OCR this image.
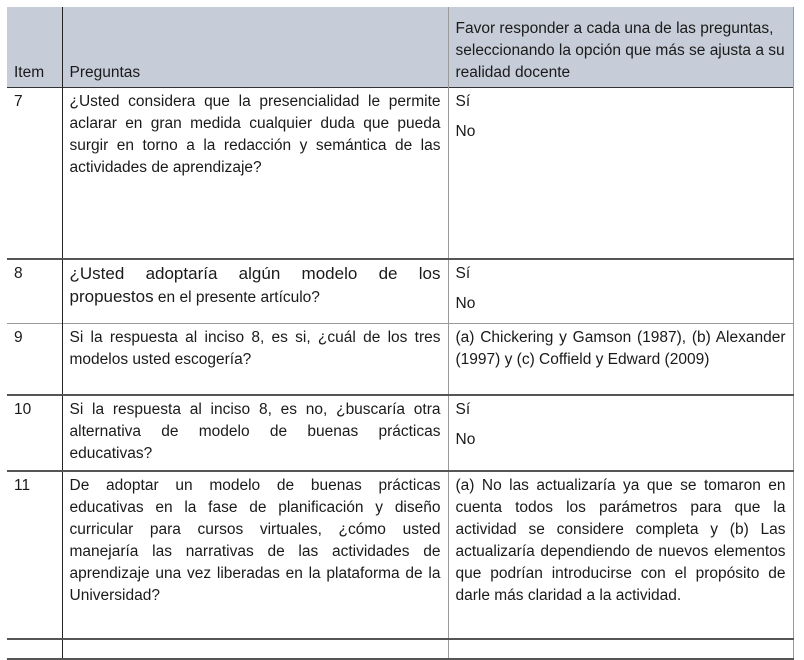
Item	Preguntas	Favor responder a cada una de las preguntas, seleccionando la opción que más se ajusta a su realidad docente
7	¿Usted considera que la presencialidad le permite aclarar en gran medida cualquier duda que pueda surgir en torno a la redacción y semántica de las actividades de aprendizaje?	Sí
No

8	¿Usted adoptaría algún modelo de los propuestos en el presente artículo?	Sí
No

9	Si la respuesta al inciso 8, es si, ¿cuál de los tres modelos usted escogería?	(a) Chickering y Gamson (1987), (b) Alexander (1997) y (c) Coffield y Edward (2009)
10	Si la respuesta al inciso 8, es no, ¿buscaría otra alternativa de modelo de buenas prácticas educativas?	Sí
No

11	De adoptar un modelo de buenas prácticas educativas en la fase de planificación y diseño curricular para cursos virtuales, ¿cómo usted manejaría las narrativas de las actividades de aprendizaje una vez liberadas en la plataforma de la Universidad?	(a) No las actualizaría ya que se tomaron en cuenta todos los parámetros para que la actividad se considere completa y (b) Las actualizaría dependiendo de nuevos elementos que podrían introducirse con el propósito de darle más claridad a la actividad.
